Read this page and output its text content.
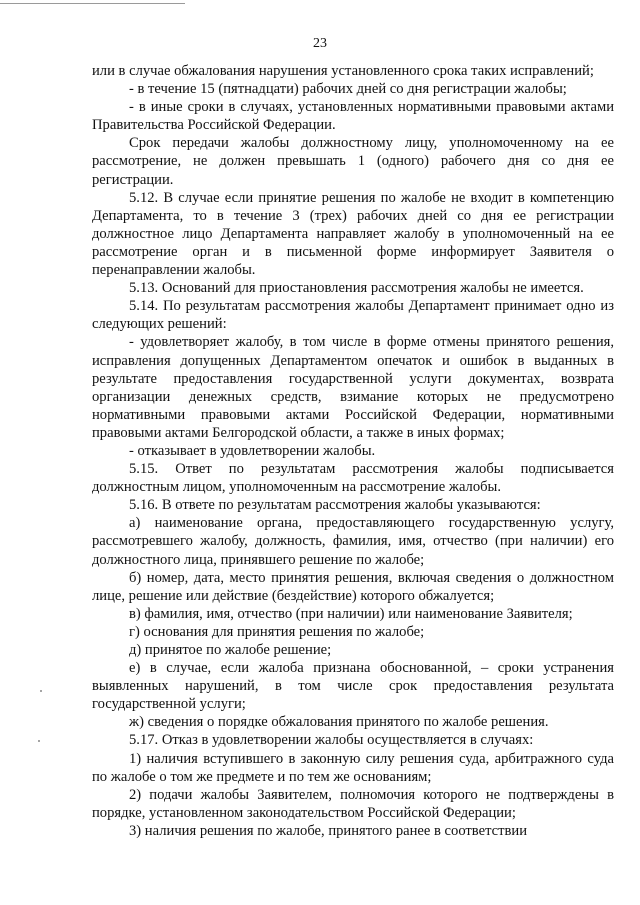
23

или в случае обжалования нарушения установленного срока таких исправлений;

- в течение 15 (пятнадцати) рабочих дней со дня регистрации жалобы;

- в иные сроки в случаях, установленных нормативными правовыми актами Правительства Российской Федерации.

Срок передачи жалобы должностному лицу, уполномоченному на ее рассмотрение, не должен превышать 1 (одного) рабочего дня со дня ее регистрации.

5.12. В случае если принятие решения по жалобе не входит в компетенцию Департамента, то в течение 3 (трех) рабочих дней со дня ее регистрации должностное лицо Департамента направляет жалобу в уполномоченный на ее рассмотрение орган и в письменной форме информирует Заявителя о перенаправлении жалобы.

5.13. Оснований для приостановления рассмотрения жалобы не имеется.

5.14. По результатам рассмотрения жалобы Департамент принимает одно из следующих решений:

- удовлетворяет жалобу, в том числе в форме отмены принятого решения, исправления допущенных Департаментом опечаток и ошибок в выданных в результате предоставления государственной услуги документах, возврата организации денежных средств, взимание которых не предусмотрено нормативными правовыми актами Российской Федерации, нормативными правовыми актами Белгородской области, а также в иных формах;

- отказывает в удовлетворении жалобы.

5.15. Ответ по результатам рассмотрения жалобы подписывается должностным лицом, уполномоченным на рассмотрение жалобы.

5.16. В ответе по результатам рассмотрения жалобы указываются:

а) наименование органа, предоставляющего государственную услугу, рассмотревшего жалобу, должность, фамилия, имя, отчество (при наличии) его должностного лица, принявшего решение по жалобе;

б) номер, дата, место принятия решения, включая сведения о должностном лице, решение или действие (бездействие) которого обжалуется;

в) фамилия, имя, отчество (при наличии) или наименование Заявителя;

г) основания для принятия решения по жалобе;

д) принятое по жалобе решение;

е) в случае, если жалоба признана обоснованной, – сроки устранения выявленных нарушений, в том числе срок предоставления результата государственной услуги;

ж) сведения о порядке обжалования принятого по жалобе решения.

5.17. Отказ в удовлетворении жалобы осуществляется в случаях:

1) наличия вступившего в законную силу решения суда, арбитражного суда по жалобе о том же предмете и по тем же основаниям;

2) подачи жалобы Заявителем, полномочия которого не подтверждены в порядке, установленном законодательством Российской Федерации;

3) наличия решения по жалобе, принятого ранее в соответствии
